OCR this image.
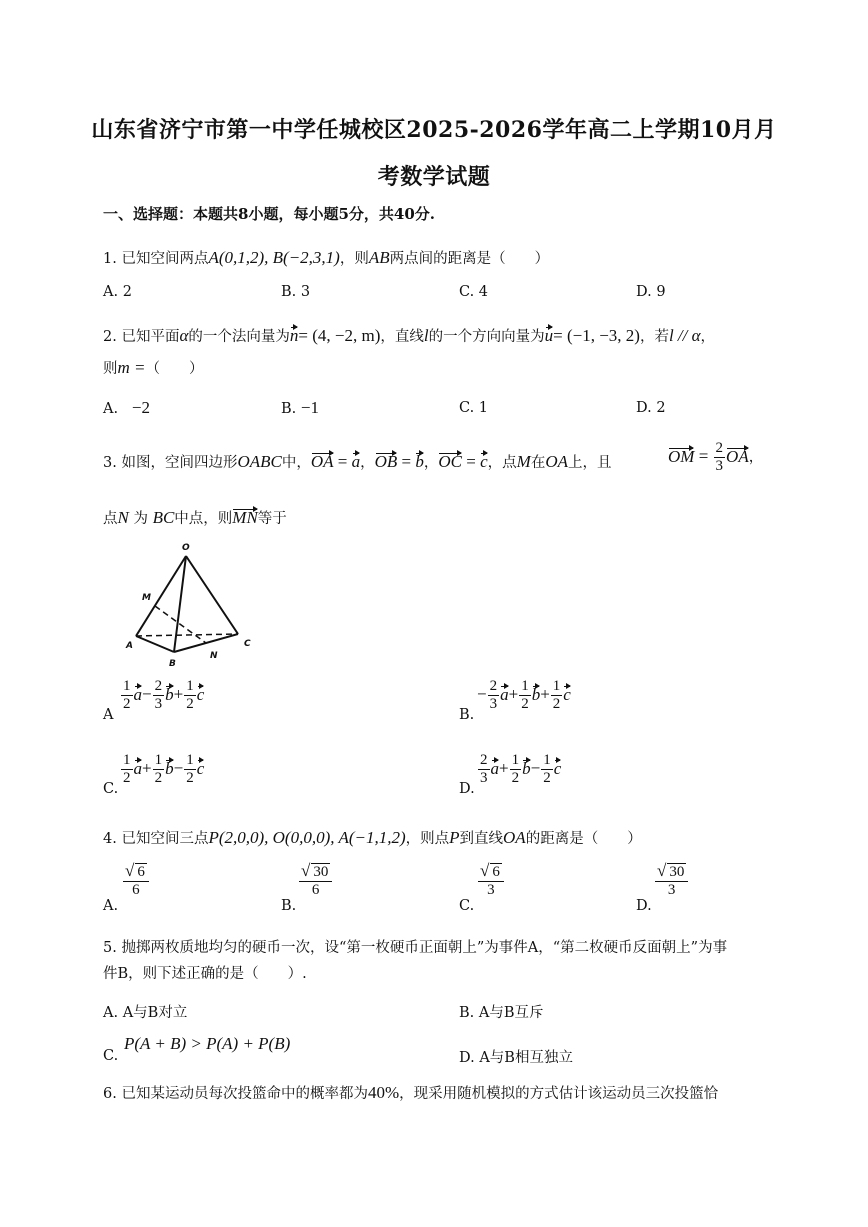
山东省济宁市第一中学任城校区2025-2026学年高二上学期10月月
考数学试题
一、选择题：本题共8小题，每小题5分，共40分.
1. 已知空间两点A(0,1,2), B(−2,3,1)，则AB两点间的距离是（　　）
A. 2	B. 3	C. 4	D. 9
2. 已知平面α的一个法向量为n= (4, −2, m)，直线l的一个方向向量为u= (−1, −3, 2)，若l // α，
则m =（　　）
A. −2	B. −1	C. 1	D. 2
3. 如图，空间四边形OABC中，OA = a，OB = b，OC = c，点M在OA上，且	OM = $\frac{2}{3}$ OA，
点N 为 BC中点，则MN等于
O
M
A
B
N
C
A
$\frac{1}{2} a- \frac{2}{3} b+ \frac{1}{2}$ c
B.
− $\frac{2}{3} a+ \frac{1}{2} b+ \frac{1}{2}$ c
C.
$\frac{1}{2} a+ \frac{1}{2} b- \frac{1}{2}$ c
D.
$\frac{2}{3} a+ \frac{1}{2} b- \frac{1}{2}$ c
4. 已知空间三点P(2,0,0), O(0,0,0), A(−1,1,2)，则点P到直线OA的距离是（　　）
A.
$\frac{√ 6}{6}$
B.
$\frac{√ 30}{6}$
C.
$\frac{√ 6}{3}$
D.
$\frac{√ 30}{3}$
5. 抛掷两枚质地均匀的硬币一次，设“第一枚硬币正面朝上”为事件A，“第二枚硬币反面朝上”为事
件B，则下述正确的是（　　）.
A. A与B对立	B. A与B互斥
C.
P(A + B) > P(A) + P(B)
D. A与B相互独立
6. 已知某运动员每次投篮命中的概率都为40%，现采用随机模拟的方式估计该运动员三次投篮恰
